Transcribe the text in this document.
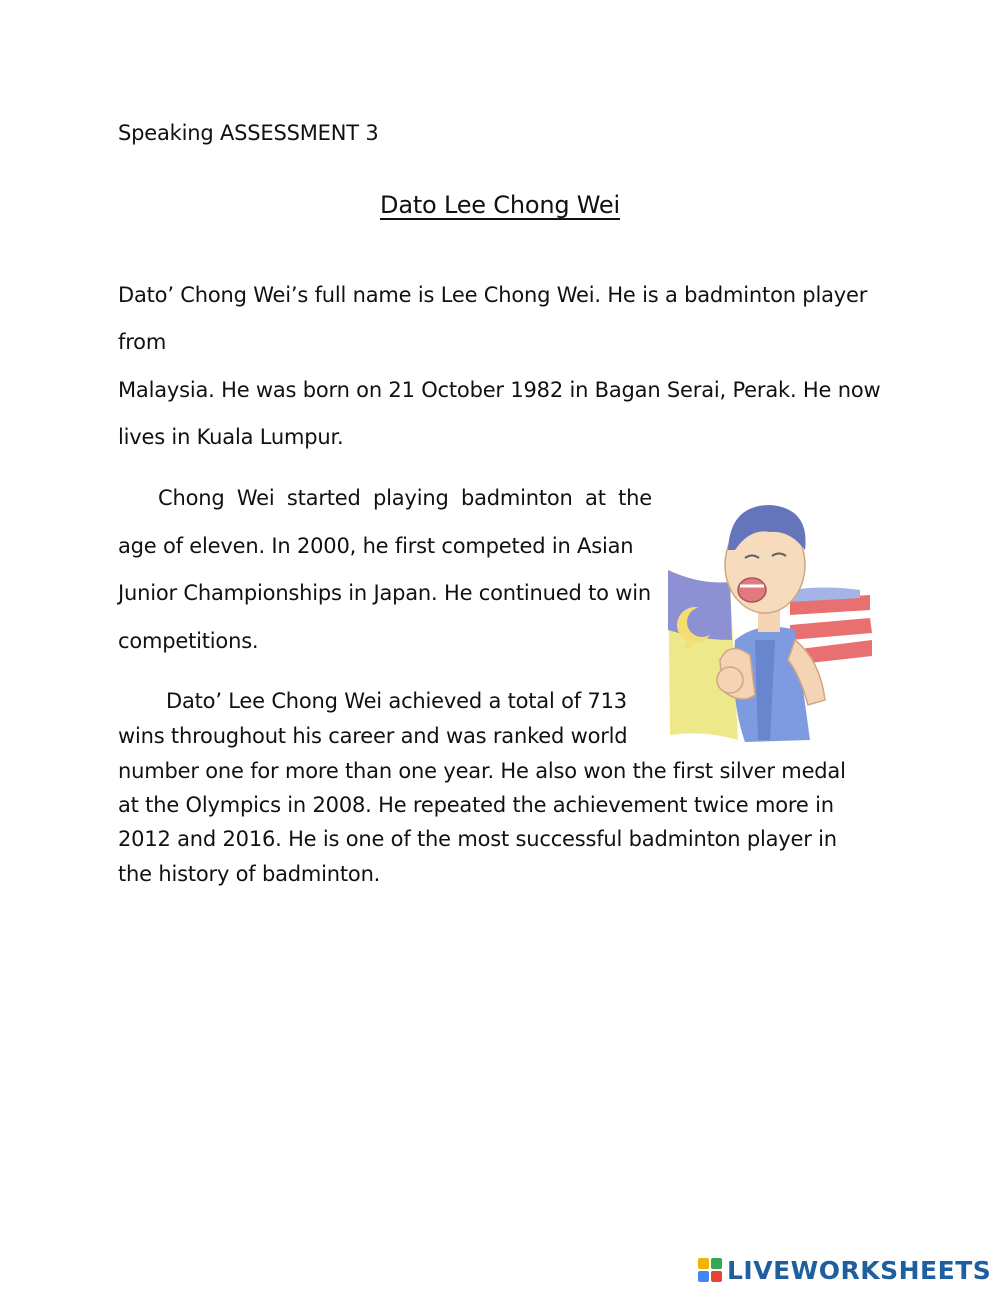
Speaking ASSESSMENT 3
Dato Lee Chong Wei
Dato’ Chong Wei’s full name is Lee Chong Wei. He is a badminton player
from
Malaysia. He was born on 21 October 1982 in Bagan Serai, Perak. He now
lives in Kuala Lumpur.
Chong Wei started playing badminton at the
age of eleven. In 2000, he first competed in Asian
Junior Championships in Japan. He continued to win
competitions.
Dato’ Lee Chong Wei achieved a total of 713
wins throughout his career and was ranked world
number one for more than one year. He also won the first silver medal
at the Olympics in 2008. He repeated the achievement twice more in
2012 and 2016. He is one of the most successful badminton player in
the history of badminton.
LIVEWORKSHEETS
